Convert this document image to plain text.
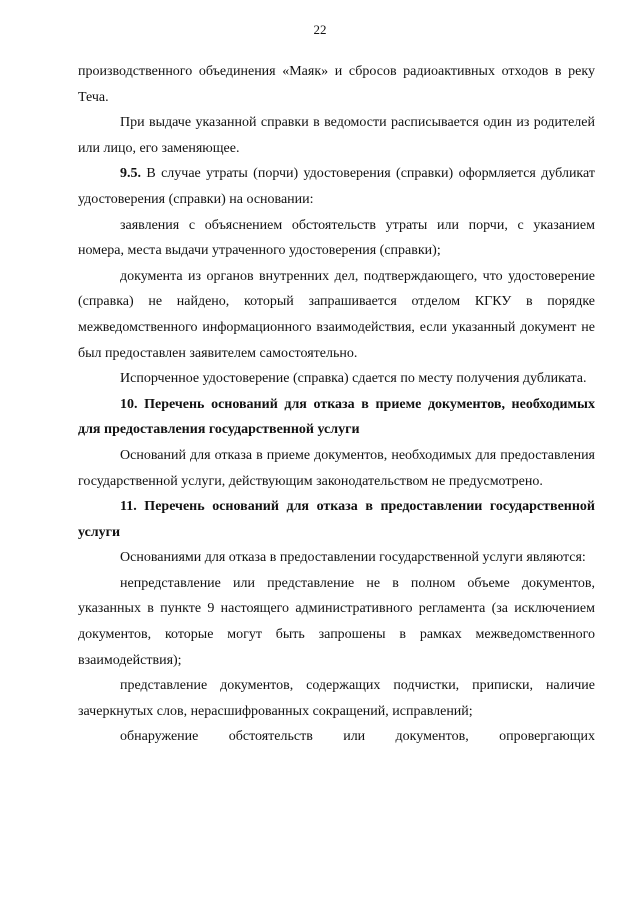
22

производственного объединения «Маяк» и сбросов радиоактивных отходов в реку Теча.

При выдаче указанной справки в ведомости расписывается один из родителей или лицо, его заменяющее.

9.5. В случае утраты (порчи) удостоверения (справки) оформляется дубликат удостоверения (справки) на основании:

заявления с объяснением обстоятельств утраты или порчи, с указанием номера, места выдачи утраченного удостоверения (справки);

документа из органов внутренних дел, подтверждающего, что удостоверение (справка) не найдено, который запрашивается отделом КГКУ в порядке межведомственного информационного взаимодействия, если указанный документ не был предоставлен заявителем самостоятельно.

Испорченное удостоверение (справка) сдается по месту получения дубликата.

10. Перечень оснований для отказа в приеме документов, необходимых для предоставления государственной услуги

Оснований для отказа в приеме документов, необходимых для предоставления государственной услуги, действующим законодательством не предусмотрено.

11. Перечень оснований для отказа в предоставлении государственной услуги

Основаниями для отказа в предоставлении государственной услуги являются:

непредставление или представление не в полном объеме документов, указанных в пункте 9 настоящего административного регламента (за исключением документов, которые могут быть запрошены в рамках межведомственного взаимодействия);

представление документов, содержащих подчистки, приписки, наличие зачеркнутых слов, нерасшифрованных сокращений, исправлений;

обнаружение обстоятельств или документов, опровергающих
